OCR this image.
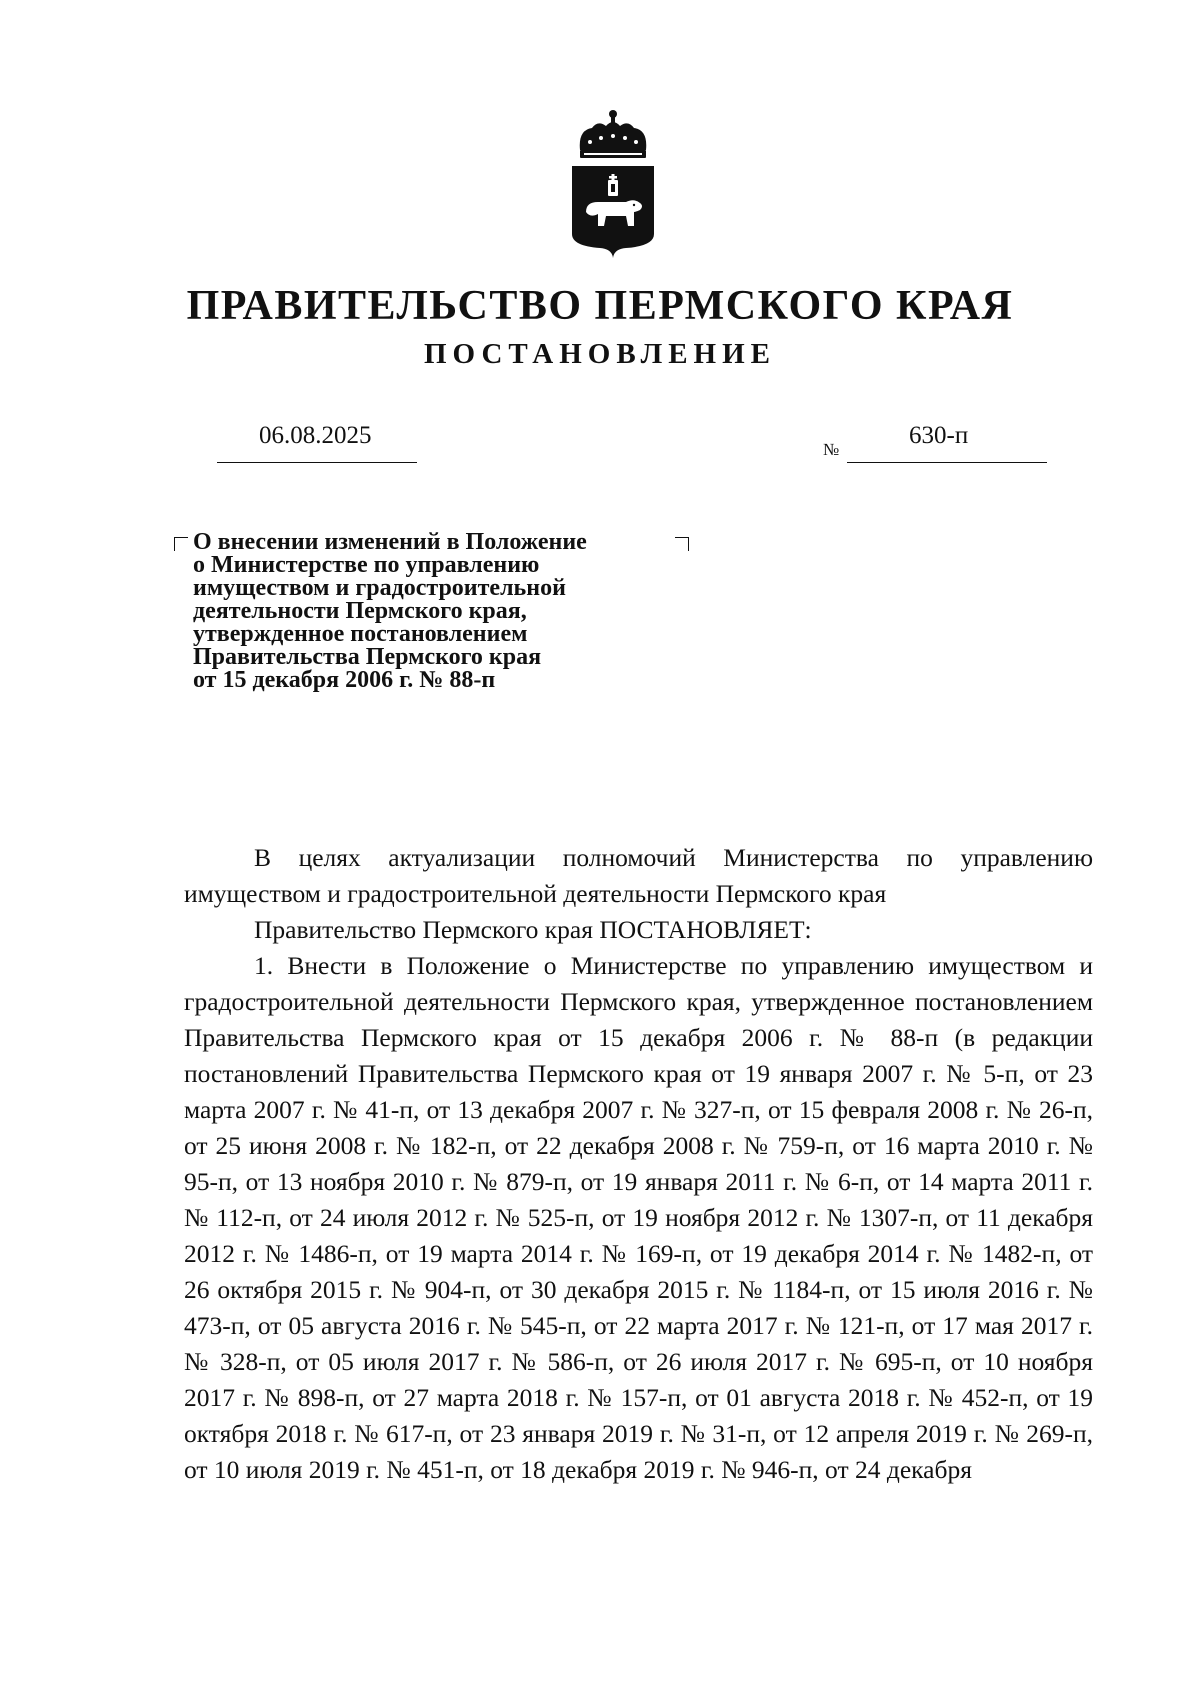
ПРАВИТЕЛЬСТВО ПЕРМСКОГО КРАЯ
ПОСТАНОВЛЕНИЕ
06.08.2025
№
630-п
О внесении изменений в Положение
о Министерстве по управлению
имуществом и градостроительной
деятельности Пермского края,
утвержденное постановлением
Правительства Пермского края
от 15 декабря 2006 г. № 88-п

В целях актуализации полномочий Министерства по управлению имуществом и градостроительной деятельности Пермского края

Правительство Пермского края ПОСТАНОВЛЯЕТ:

1. Внести в Положение о Министерстве по управлению имуществом и градостроительной деятельности Пермского края, утвержденное постановлением Правительства Пермского края от 15 декабря 2006 г. № 88-п (в редакции постановлений Правительства Пермского края от 19 января 2007 г. № 5-п, от 23 марта 2007 г. № 41-п, от 13 декабря 2007 г. № 327-п, от 15 февраля 2008 г. № 26-п, от 25 июня 2008 г. № 182-п, от 22 декабря 2008 г. № 759-п, от 16 марта 2010 г. № 95-п, от 13 ноября 2010 г. № 879-п, от 19 января 2011 г. № 6-п, от 14 марта 2011 г. № 112-п, от 24 июля 2012 г. № 525-п, от 19 ноября 2012 г. № 1307-п, от 11 декабря 2012 г. № 1486-п, от 19 марта 2014 г. № 169-п, от 19 декабря 2014 г. № 1482-п, от 26 октября 2015 г. № 904-п, от 30 декабря 2015 г. № 1184-п, от 15 июля 2016 г. № 473-п, от 05 августа 2016 г. № 545-п, от 22 марта 2017 г. № 121-п, от 17 мая 2017 г. № 328-п, от 05 июля 2017 г. № 586-п, от 26 июля 2017 г. № 695-п, от 10 ноября 2017 г. № 898-п, от 27 марта 2018 г. № 157-п, от 01 августа 2018 г. № 452-п, от 19 октября 2018 г. № 617-п, от 23 января 2019 г. № 31-п, от 12 апреля 2019 г. № 269-п, от 10 июля 2019 г. № 451-п, от 18 декабря 2019 г. № 946-п, от 24 декабря
